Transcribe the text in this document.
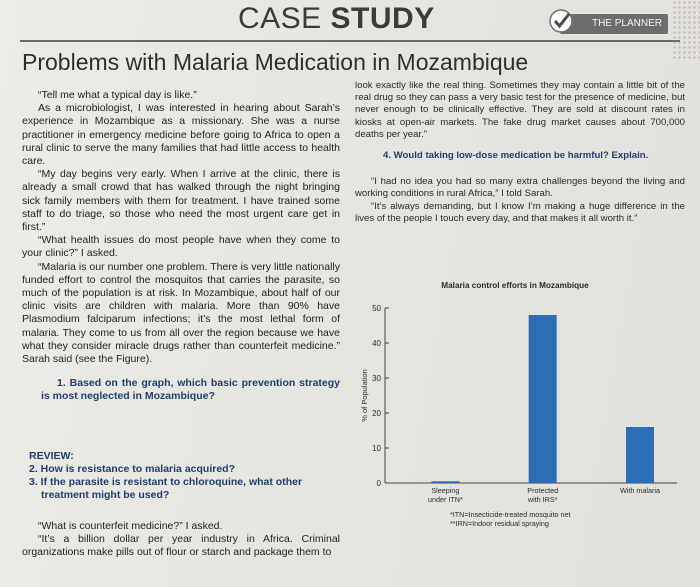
CASE STUDY	THE PLANNER
Problems with Malaria Medication in Mozambique

“Tell me what a typical day is like.”

As a microbiologist, I was interested in hearing about Sarah’s experience in Mozambique as a missionary. She was a nurse practitioner in emergency medicine before going to Africa to open a rural clinic to serve the many families that had little access to health care.

“My day begins very early. When I arrive at the clinic, there is already a small crowd that has walked through the night bringing sick family members with them for treatment. I have trained some staff to do triage, so those who need the most urgent care get in first.”

“What health issues do most people have when they come to your clinic?” I asked.

“Malaria is our number one problem. There is very little nationally funded effort to control the mosquitos that carries the parasite, so much of the population is at risk. In Mozambique, about half of our clinic visits are children with malaria. More than 90% have Plasmodium falciparum infections; it’s the most lethal form of malaria. They come to us from all over the region because we have what they consider miracle drugs rather than counterfeit medicine.” Sarah said (see the Figure).

1. Based on the graph, which basic prevention strategy is most neglected in Mozambique?

REVIEW:

2. How is resistance to malaria acquired?

3. If the parasite is resistant to chloroquine, what other treatment might be used?

“What is counterfeit medicine?” I asked.

“It’s a billion dollar per year industry in Africa. Criminal organizations make pills out of flour or starch and package them to

look exactly like the real thing. Sometimes they may contain a little bit of the real drug so they can pass a very basic test for the presence of medicine, but never enough to be clinically effective. They are sold at discount rates in kiosks at open-air markets. The fake drug market causes about 700,000 deaths per year.”

4. Would taking low-dose medication be harmful? Explain.

“I had no idea you had so many extra challenges beyond the living and working conditions in rural Africa,” I told Sarah.

“It’s always demanding, but I know I’m making a huge difference in the lives of the people I touch every day, and that makes it all worth it.”

Malaria control efforts in Mozambique
0
10
20
30
40
50
% of Population
Sleeping
under ITN*
Protected
with IRS*
With malaria
*ITN=Insecticide-treated mosquito net
**IRN=Indoor residual spraying
